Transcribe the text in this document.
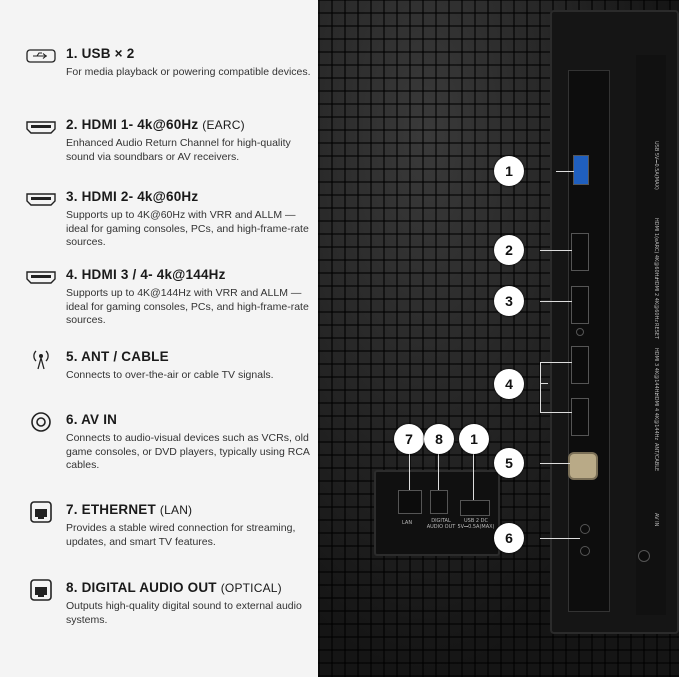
1. USB × 2
For media playback or powering compatible devices.
2. HDMI 1- 4k@60Hz (EARC)
Enhanced Audio Return Channel for high-quality sound via soundbars or AV receivers.
3. HDMI 2- 4k@60Hz
Supports up to 4K@60Hz with VRR and ALLM — ideal for gaming consoles, PCs, and high-frame-rate sources.
4. HDMI 3 / 4- 4k@144Hz
Supports up to 4K@144Hz with VRR and ALLM — ideal for gaming consoles, PCs, and high-frame-rate sources.
5. ANT / CABLE
Connects to over-the-air or cable TV signals.
6. AV IN
Connects to audio-visual devices such as VCRs, old game consoles, or DVD players, typically using RCA cables.
7. ETHERNET (LAN)
Provides a stable wired connection for streaming, updates, and smart TV features.
8. DIGITAL AUDIO OUT (OPTICAL)
Outputs high-quality digital sound to external audio systems.
USB 5V⎓0.5A(MAX)
HDMI 1(eARC) 4K@60Hz
HDMI 2 4K@60Hz
RESET
HDMI 3 4K@144Hz
HDMI 4 4K@144Hz
ANT/CABLE
AV IN
LAN	DIGITAL AUDIO OUT
USB 2 DC 5V⎓0.5A(MAX)
1
2
3
4
5
6
7	8	1
